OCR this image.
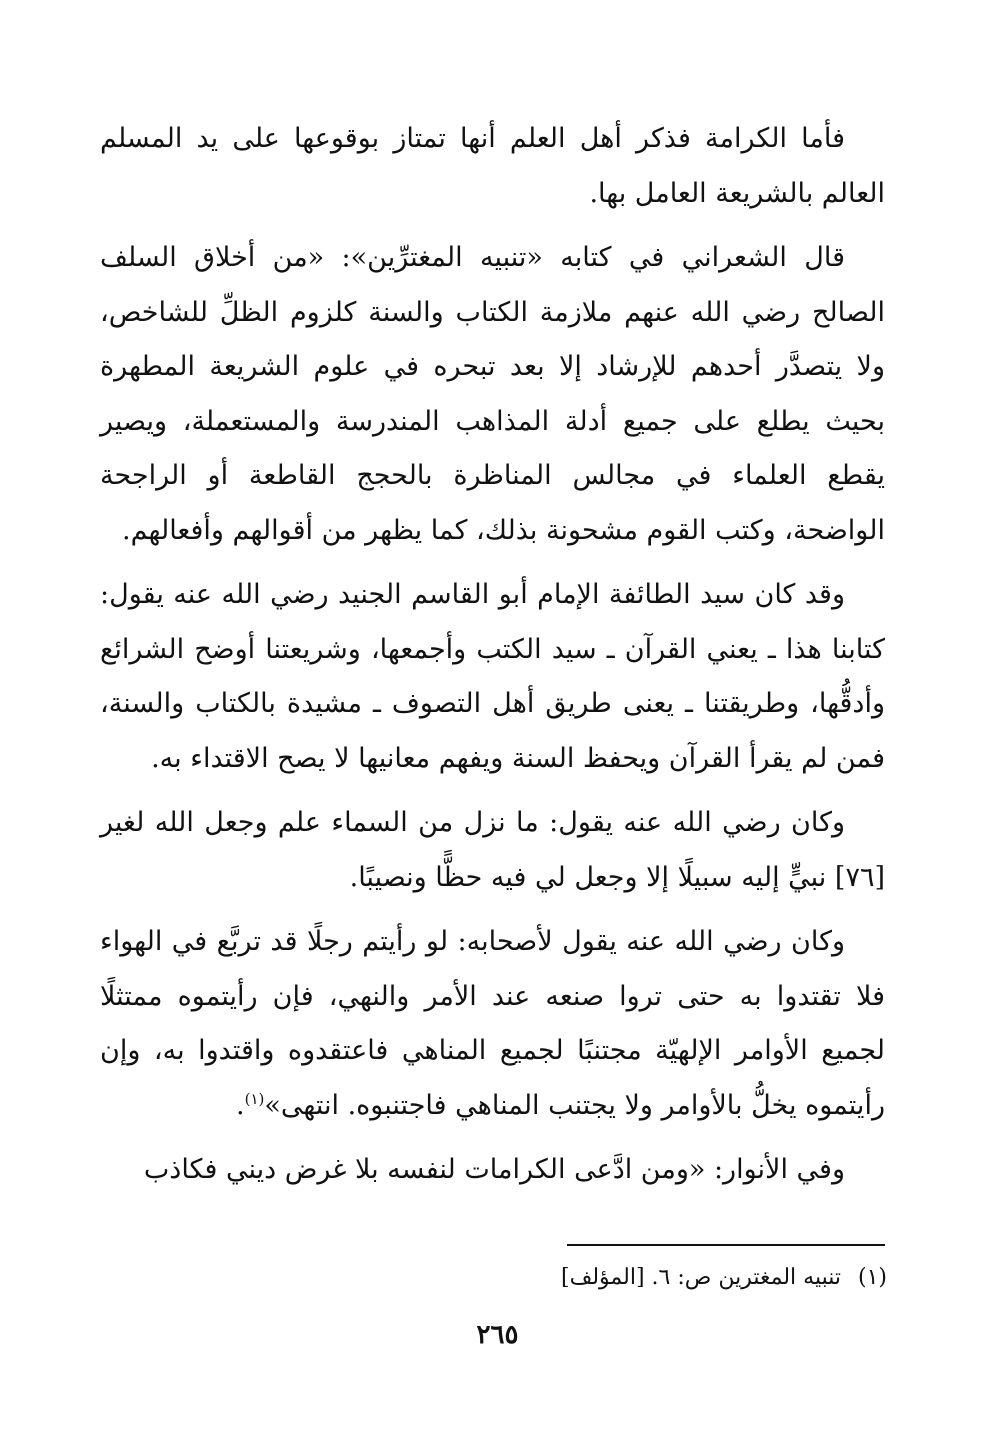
فأما الكرامة فذكر أهل العلم أنها تمتاز بوقوعها على يد المسلم العالم بالشريعة العامل بها.

قال الشعراني في كتابه «تنبيه المغترِّين»: «من أخلاق السلف الصالح رضي الله عنهم ملازمة الكتاب والسنة كلزوم الظلِّ للشاخص، ولا يتصدَّر أحدهم للإرشاد إلا بعد تبحره في علوم الشريعة المطهرة بحيث يطلع على جميع أدلة المذاهب المندرسة والمستعملة، ويصير يقطع العلماء في مجالس المناظرة بالحجج القاطعة أو الراجحة الواضحة، وكتب القوم مشحونة بذلك، كما يظهر من أقوالهم وأفعالهم.

وقد كان سيد الطائفة الإمام أبو القاسم الجنيد رضي الله عنه يقول: كتابنا هذا ـ يعني القرآن ـ سيد الكتب وأجمعها، وشريعتنا أوضح الشرائع وأدقُّها، وطريقتنا ـ يعنى طريق أهل التصوف ـ مشيدة بالكتاب والسنة، فمن لم يقرأ القرآن ويحفظ السنة ويفهم معانيها لا يصح الاقتداء به.

وكان رضي الله عنه يقول: ما نزل من السماء علم وجعل الله لغير [٧٦] نبيٍّ إليه سبيلًا إلا وجعل لي فيه حظًّا ونصيبًا.

وكان رضي الله عنه يقول لأصحابه: لو رأيتم رجلًا قد تربَّع في الهواء فلا تقتدوا به حتى تروا صنعه عند الأمر والنهي، فإن رأيتموه ممتثلًا لجميع الأوامر الإلهيّة مجتنبًا لجميع المناهي فاعتقدوه واقتدوا به، وإن رأيتموه يخلُّ بالأوامر ولا يجتنب المناهي فاجتنبوه. انتهى»$^{(١)}$.

وفي الأنوار: «ومن ادَّعى الكرامات لنفسه بلا غرض ديني فكاذب

(١) تنبيه المغترين ص: ٦. [المؤلف]
٢٦٥
